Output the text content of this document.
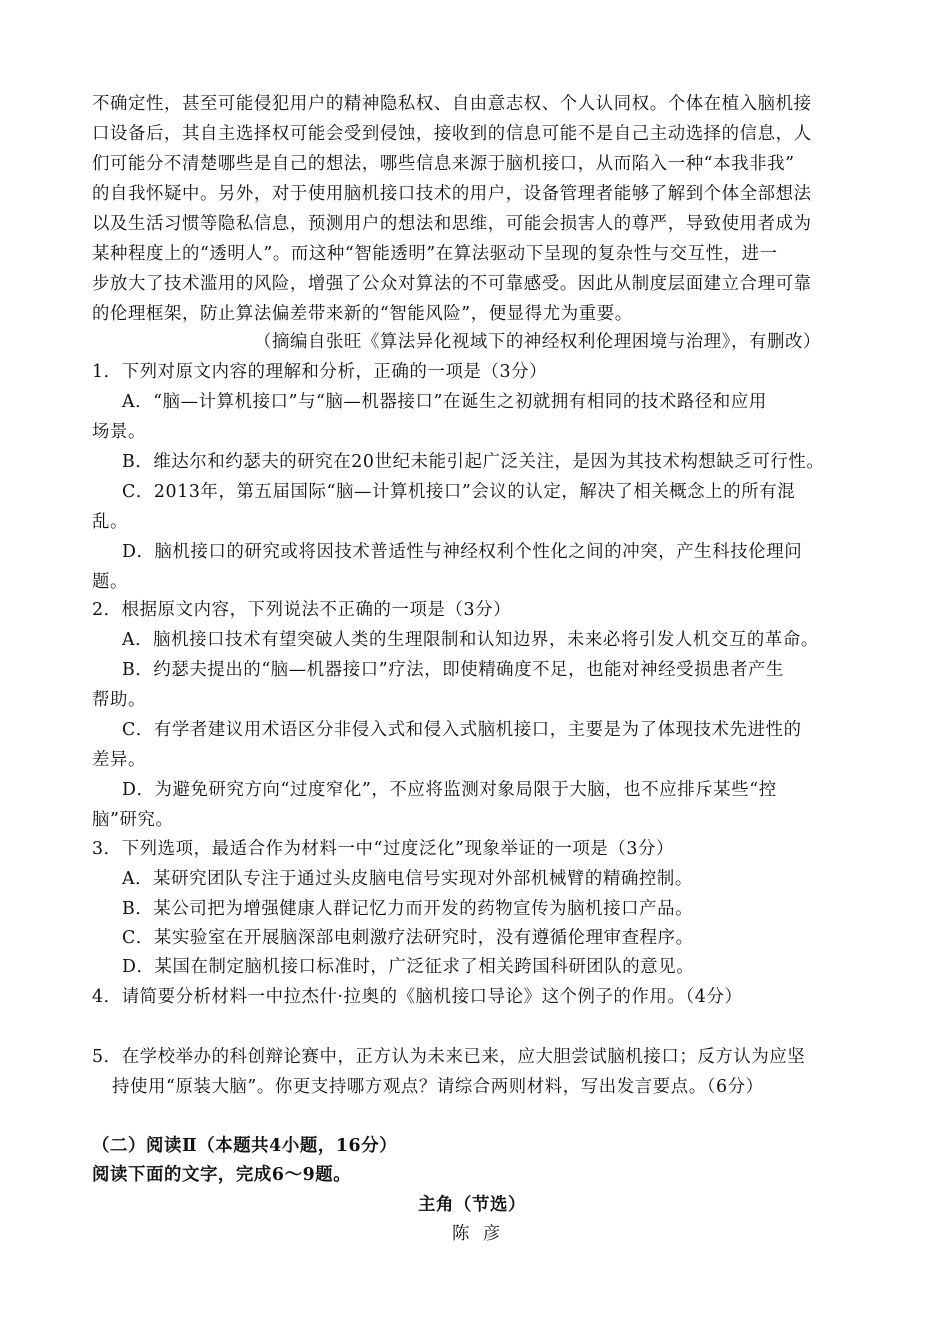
不确定性，甚至可能侵犯用户的精神隐私权、自由意志权、个人认同权。个体在植入脑机接
口设备后，其自主选择权可能会受到侵蚀，接收到的信息可能不是自己主动选择的信息，人
们可能分不清楚哪些是自己的想法，哪些信息来源于脑机接口，从而陷入一种“本我非我”
的自我怀疑中。另外，对于使用脑机接口技术的用户，设备管理者能够了解到个体全部想法
以及生活习惯等隐私信息，预测用户的想法和思维，可能会损害人的尊严，导致使用者成为
某种程度上的“透明人”。而这种“智能透明”在算法驱动下呈现的复杂性与交互性，进一
步放大了技术滥用的风险，增强了公众对算法的不可靠感受。因此从制度层面建立合理可靠
的伦理框架，防止算法偏差带来新的“智能风险”，便显得尤为重要。
（摘编自张旺《算法异化视域下的神经权利伦理困境与治理》，有删改）
1．下列对原文内容的理解和分析，正确的一项是（3分）
A．“脑—计算机接口”与“脑—机器接口”在诞生之初就拥有相同的技术路径和应用
场景。
B．维达尔和约瑟夫的研究在20世纪未能引起广泛关注，是因为其技术构想缺乏可行性。
C．2013年，第五届国际“脑—计算机接口”会议的认定，解决了相关概念上的所有混
乱。
D．脑机接口的研究或将因技术普适性与神经权利个性化之间的冲突，产生科技伦理问
题。
2．根据原文内容，下列说法不正确的一项是（3分）
A．脑机接口技术有望突破人类的生理限制和认知边界，未来必将引发人机交互的革命。
B．约瑟夫提出的“脑—机器接口”疗法，即使精确度不足，也能对神经受损患者产生
帮助。
C．有学者建议用术语区分非侵入式和侵入式脑机接口，主要是为了体现技术先进性的
差异。
D．为避免研究方向“过度窄化”，不应将监测对象局限于大脑，也不应排斥某些“控
脑”研究。
3．下列选项，最适合作为材料一中“过度泛化”现象举证的一项是（3分）
A．某研究团队专注于通过头皮脑电信号实现对外部机械臂的精确控制。
B．某公司把为增强健康人群记忆力而开发的药物宣传为脑机接口产品。
C．某实验室在开展脑深部电刺激疗法研究时，没有遵循伦理审查程序。
D．某国在制定脑机接口标准时，广泛征求了相关跨国科研团队的意见。
4．请简要分析材料一中拉杰什·拉奥的《脑机接口导论》这个例子的作用。（4分）
5．在学校举办的科创辩论赛中，正方认为未来已来，应大胆尝试脑机接口；反方认为应坚
持使用“原装大脑”。你更支持哪方观点？请综合两则材料，写出发言要点。（6分）
（二）阅读Ⅱ（本题共4小题，16分）
阅读下面的文字，完成6～9题。
主角（节选）
陈 彦
